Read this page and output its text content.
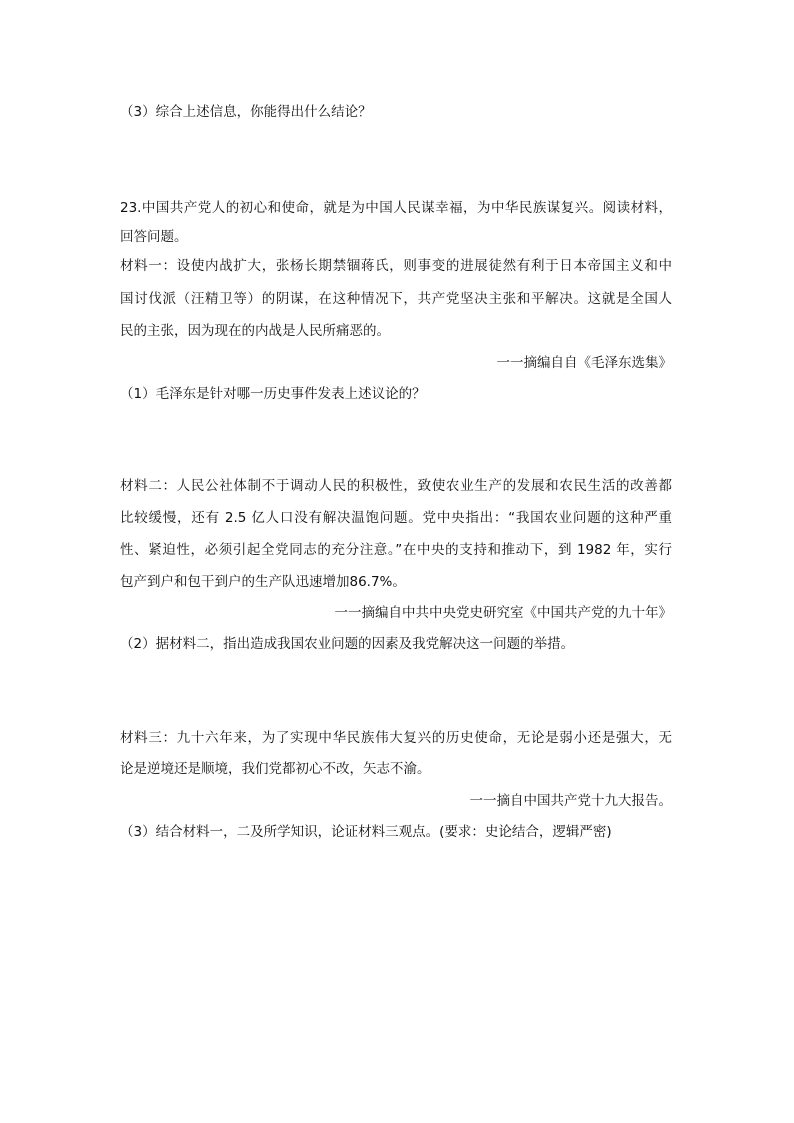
（3）综合上述信息，你能得出什么结论？
23.中国共产党人的初心和使命，就是为中国人民谋幸福，为中华民族谋复兴。阅读材料，
回答问题。
材料一：设使内战扩大，张杨长期禁锢蒋氏，则事变的进展徒然有利于日本帝国主义和中
国讨伐派（汪精卫等）的阴谋，在这种情况下，共产党坚决主张和平解决。这就是全国人
民的主张，因为现在的内战是人民所痛恶的。
一一摘编自自《毛泽东选集》
（1）毛泽东是针对哪一历史事件发表上述议论的？
材料二：人民公社体制不于调动人民的积极性，致使农业生产的发展和农民生活的改善都
比较缓慢，还有 2.5 亿人口没有解决温饱问题。党中央指出：“我国农业问题的这种严重
性、紧迫性，必须引起全党同志的充分注意。”在中央的支持和推动下，到 1982 年，实行
包产到户和包干到户的生产队迅速增加86.7%。
一一摘编自中共中央党史研究室《中国共产党的九十年》
（2）据材料二，指出造成我国农业问题的因素及我党解决这一问题的举措。
材料三：九十六年来，为了实现中华民族伟大复兴的历史使命，无论是弱小还是强大，无
论是逆境还是顺境，我们党都初心不改，矢志不渝。
一一摘自中国共产党十九大报告。
（3）结合材料一，二及所学知识，论证材料三观点。(要求：史论结合，逻辑严密)
